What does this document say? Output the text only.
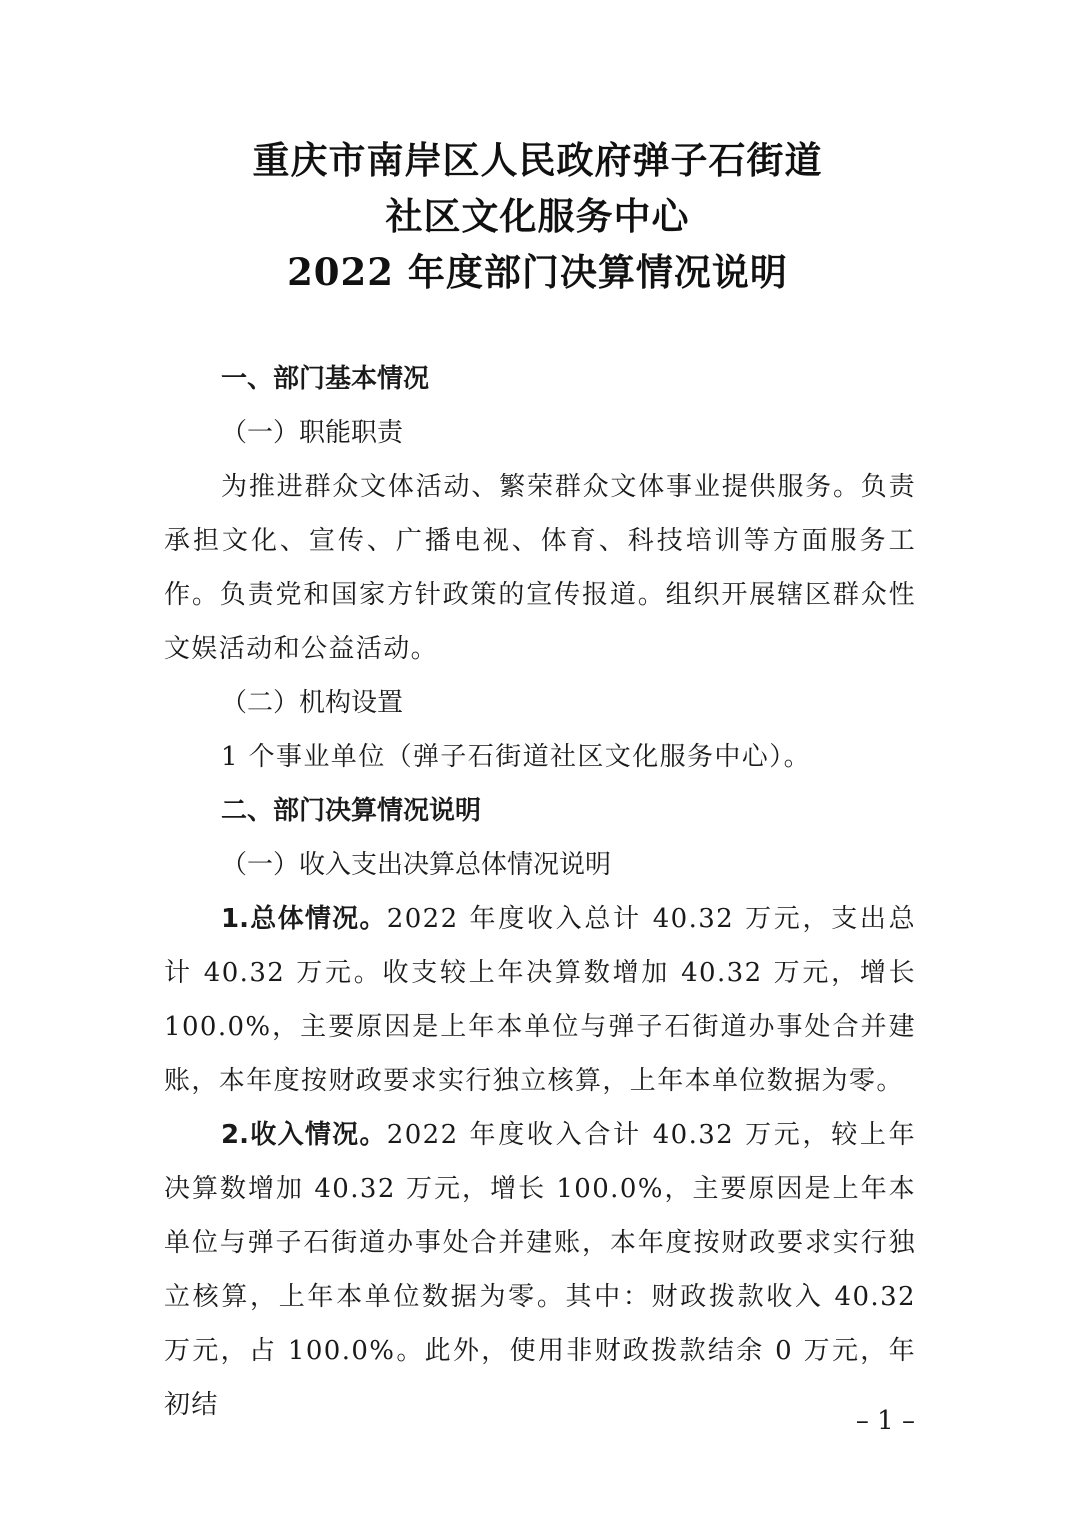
重庆市南岸区人民政府弹子石街道
社区文化服务中心
2022 年度部门决算情况说明

一、部门基本情况

（一）职能职责

为推进群众文体活动、繁荣群众文体事业提供服务。负责承担文化、宣传、广播电视、体育、科技培训等方面服务工作。负责党和国家方针政策的宣传报道。组织开展辖区群众性文娱活动和公益活动。

（二）机构设置

1 个事业单位（弹子石街道社区文化服务中心）。

二、部门决算情况说明

（一）收入支出决算总体情况说明

1.总体情况。2022 年度收入总计 40.32 万元，支出总计 40.32 万元。收支较上年决算数增加 40.32 万元，增长 100.0%，主要原因是上年本单位与弹子石街道办事处合并建账，本年度按财政要求实行独立核算，上年本单位数据为零。

2.收入情况。2022 年度收入合计 40.32 万元，较上年决算数增加 40.32 万元，增长 100.0%，主要原因是上年本单位与弹子石街道办事处合并建账，本年度按财政要求实行独立核算，上年本单位数据为零。其中：财政拨款收入 40.32 万元，占 100.0%。此外，使用非财政拨款结余 0 万元，年初结

– 1 –
